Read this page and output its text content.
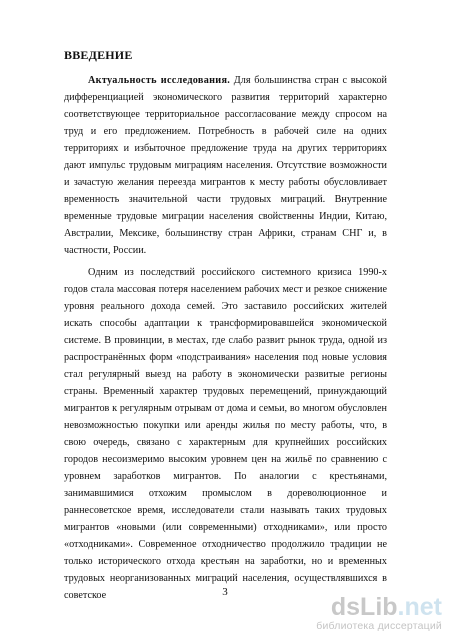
ВВЕДЕНИЕ

Актуальность исследования. Для большинства стран с высокой дифференциацией экономического развития территорий характерно соответствующее территориальное рассогласование между спросом на труд и его предложением. Потребность в рабочей силе на одних территориях и избыточное предложение труда на других территориях дают импульс трудовым миграциям населения. Отсутствие возможности и зачастую желания переезда мигрантов к месту работы обусловливает временность значительной части трудовых миграций. Внутренние временные трудовые миграции населения свойственны Индии, Китаю, Австралии, Мексике, большинству стран Африки, странам СНГ и, в частности, России.

Одним из последствий российского системного кризиса 1990-х годов стала массовая потеря населением рабочих мест и резкое снижение уровня реального дохода семей. Это заставило российских жителей искать способы адаптации к трансформировавшейся экономической системе. В провинции, в местах, где слабо развит рынок труда, одной из распространённых форм «подстраивания» населения под новые условия стал регулярный выезд на работу в экономически развитые регионы страны. Временный характер трудовых перемещений, принуждающий мигрантов к регулярным отрывам от дома и семьи, во многом обусловлен невозможностью покупки или аренды жилья по месту работы, что, в свою очередь, связано с характерным для крупнейших российских городов несоизмеримо высоким уровнем цен на жильё по сравнению с уровнем заработков мигрантов. По аналогии с крестьянами, занимавшимися отхожим промыслом в дореволюционное и раннесоветское время, исследователи стали называть таких трудовых мигрантов «новыми (или современными) отходниками», или просто «отходниками». Современное отходничество продолжило традиции не только исторического отхода крестьян на заработки, но и временных трудовых неорганизованных миграций населения, осуществлявшихся в советское	3
dsLib.net
библиотека диссертаций
